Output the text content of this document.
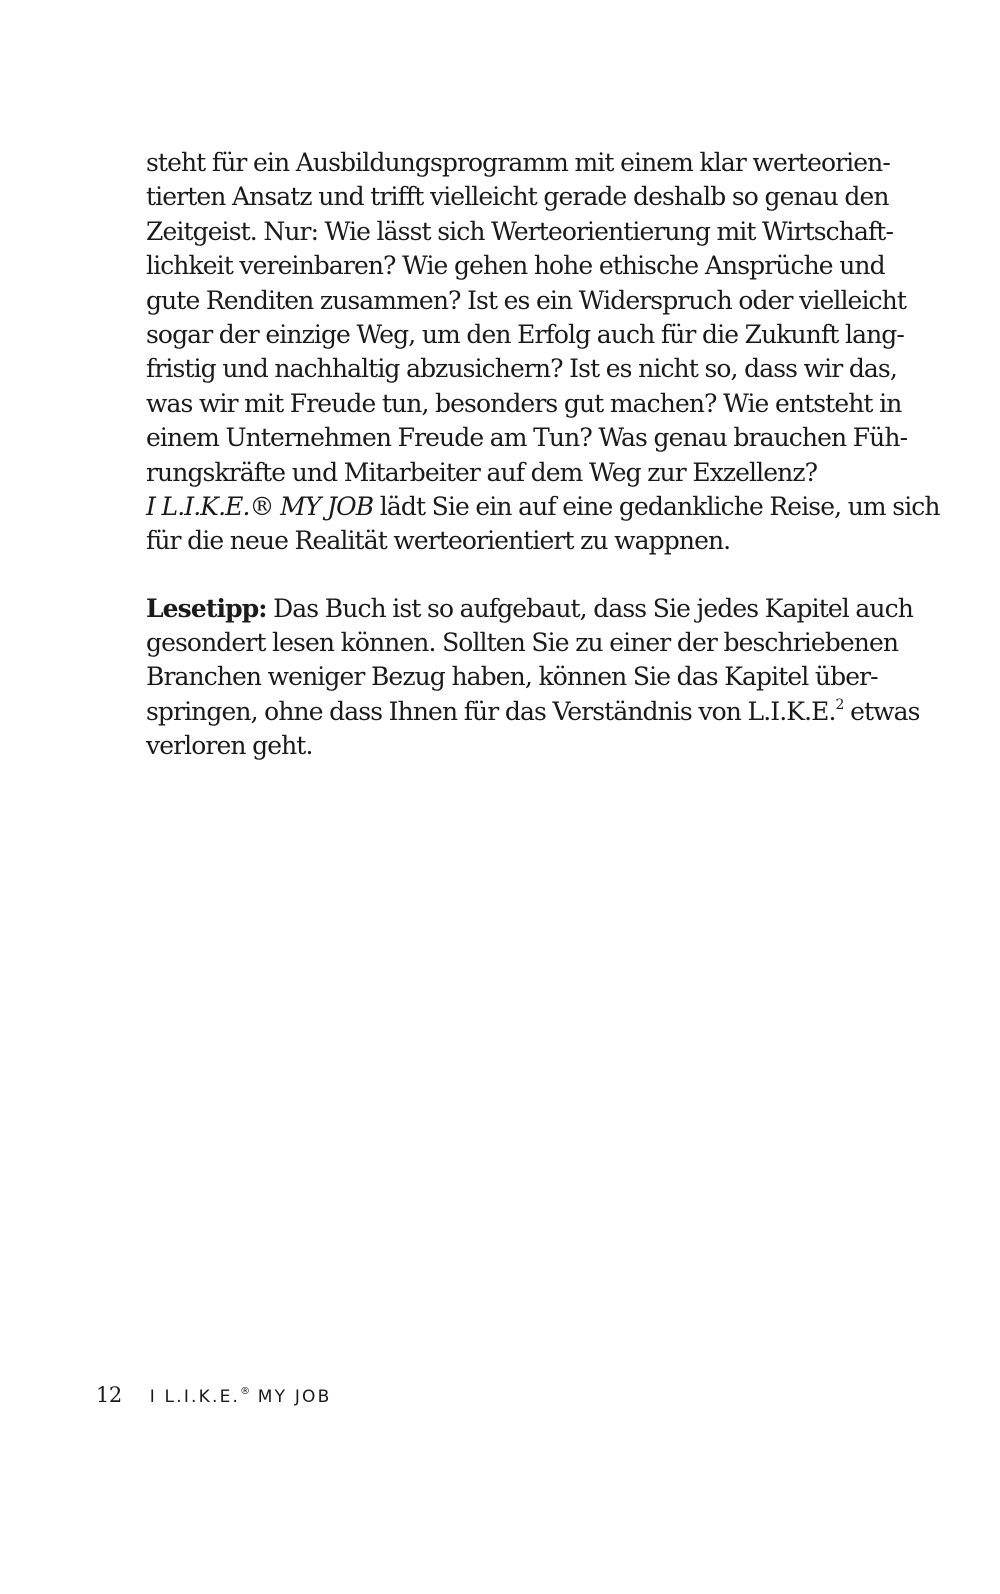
steht für ein Ausbildungsprogramm mit einem klar werteorien-
tierten Ansatz und trifft vielleicht gerade deshalb so genau den
Zeitgeist. Nur: Wie lässt sich Werteorientierung mit Wirtschaft-
lichkeit vereinbaren? Wie gehen hohe ethische Ansprüche und
gute Renditen zusammen? Ist es ein Widerspruch oder vielleicht
sogar der einzige Weg, um den Erfolg auch für die Zukunft lang-
fristig und nachhaltig abzusichern? Ist es nicht so, dass wir das,
was wir mit Freude tun, besonders gut machen? Wie entsteht in
einem Unternehmen Freude am Tun? Was genau brauchen Füh-
rungskräfte und Mitarbeiter auf dem Weg zur Exzellenz?
I L.I.K.E.® MY JOB lädt Sie ein auf eine gedankliche Reise, um sich
für die neue Realität werteorientiert zu wappnen.
Lesetipp: Das Buch ist so aufgebaut, dass Sie jedes Kapitel auch
gesondert lesen können. Sollten Sie zu einer der beschriebenen
Branchen weniger Bezug haben, können Sie das Kapitel über-
springen, ohne dass Ihnen für das Verständnis von L.I.K.E.$^2$ etwas
verloren geht.
12 I L.I.K.E.® MY JOB
